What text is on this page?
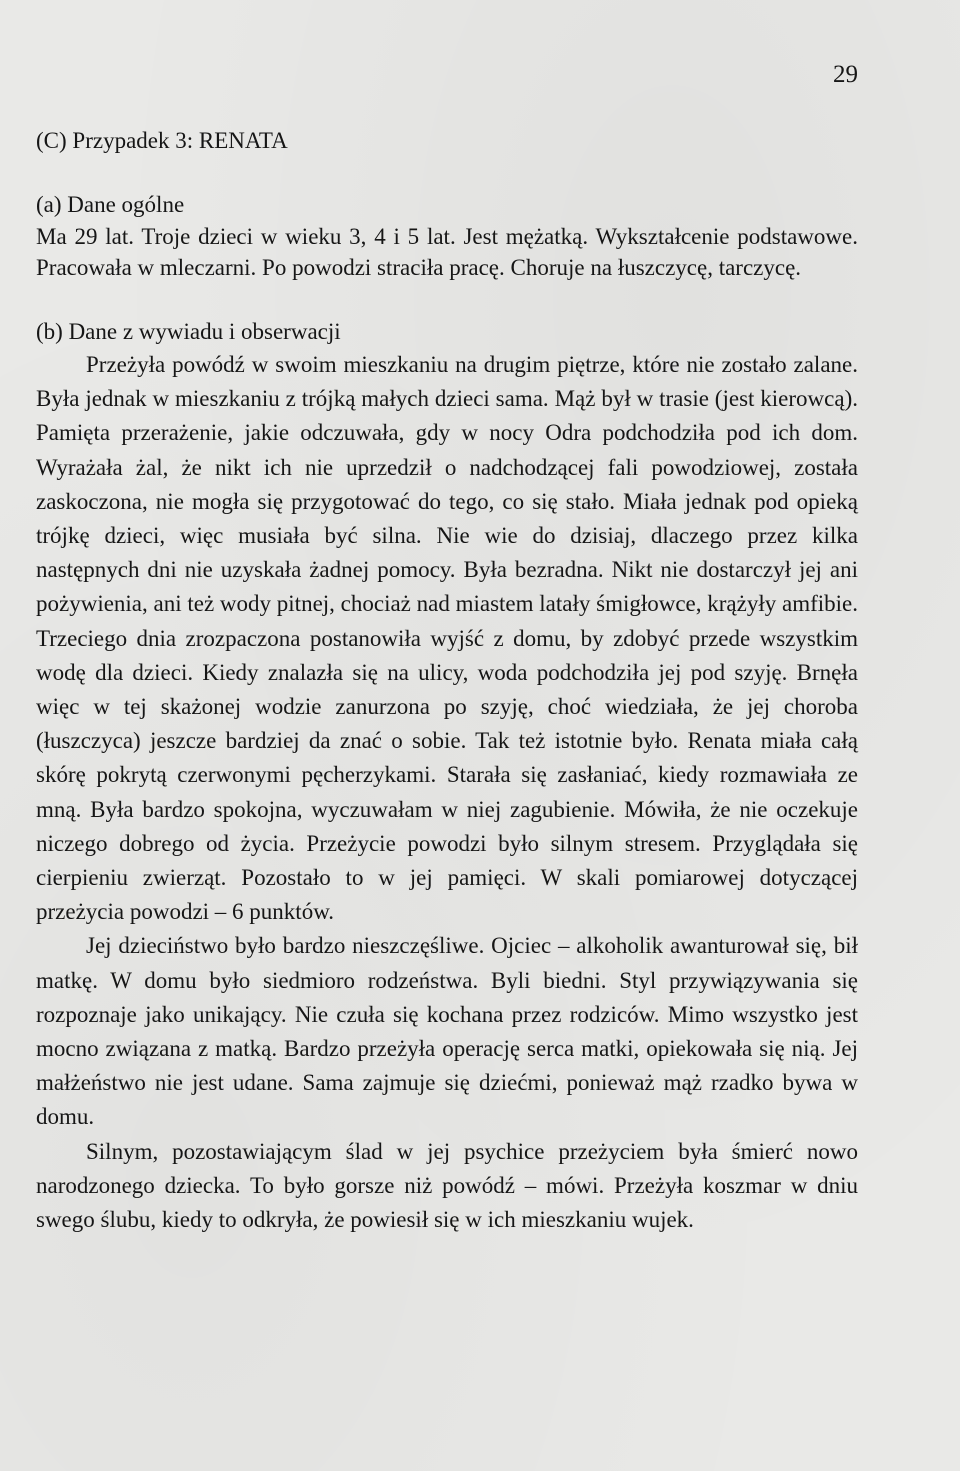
29

(C) Przypadek 3: RENATA

(a) Dane ogólne

Ma 29 lat. Troje dzieci w wieku 3, 4 i 5 lat. Jest mężatką. Wykształcenie podstawowe. Pracowała w mleczarni. Po powodzi straciła pracę. Choruje na łuszczycę, tarczycę.

(b) Dane z wywiadu i obserwacji

Przeżyła powódź w swoim mieszkaniu na drugim piętrze, które nie zostało zalane. Była jednak w mieszkaniu z trójką małych dzieci sama. Mąż był w trasie (jest kierowcą). Pamięta przerażenie, jakie odczuwała, gdy w nocy Odra podchodziła pod ich dom. Wyrażała żal, że nikt ich nie uprzedził o nadchodzącej fali powodziowej, została zaskoczona, nie mogła się przygotować do tego, co się stało. Miała jednak pod opieką trójkę dzieci, więc musiała być silna. Nie wie do dzisiaj, dlaczego przez kilka następnych dni nie uzyskała żadnej pomocy. Była bezradna. Nikt nie dostarczył jej ani pożywienia, ani też wody pitnej, chociaż nad miastem latały śmigłowce, krążyły amfibie. Trzeciego dnia zrozpaczona postanowiła wyjść z domu, by zdobyć przede wszystkim wodę dla dzieci. Kiedy znalazła się na ulicy, woda podchodziła jej pod szyję. Brnęła więc w tej skażonej wodzie zanurzona po szyję, choć wiedziała, że jej choroba (łuszczyca) jeszcze bardziej da znać o sobie. Tak też istotnie było. Renata miała całą skórę pokrytą czerwonymi pęcherzykami. Starała się zasłaniać, kiedy rozmawiała ze mną. Była bardzo spokojna, wyczuwałam w niej zagubienie. Mówiła, że nie oczekuje niczego dobrego od życia. Przeżycie powodzi było silnym stresem. Przyglądała się cierpieniu zwierząt. Pozostało to w jej pamięci. W skali pomiarowej dotyczącej przeżycia powodzi – 6 punktów.

Jej dzieciństwo było bardzo nieszczęśliwe. Ojciec – alkoholik awanturował się, bił matkę. W domu było siedmioro rodzeństwa. Byli biedni. Styl przywiązywania się rozpoznaje jako unikający. Nie czuła się kochana przez rodziców. Mimo wszystko jest mocno związana z matką. Bardzo przeżyła operację serca matki, opiekowała się nią. Jej małżeństwo nie jest udane. Sama zajmuje się dziećmi, ponieważ mąż rzadko bywa w domu.

Silnym, pozostawiającym ślad w jej psychice przeżyciem była śmierć nowo narodzonego dziecka. To było gorsze niż powódź – mówi. Przeżyła koszmar w dniu swego ślubu, kiedy to odkryła, że powiesił się w ich mieszkaniu wujek.
